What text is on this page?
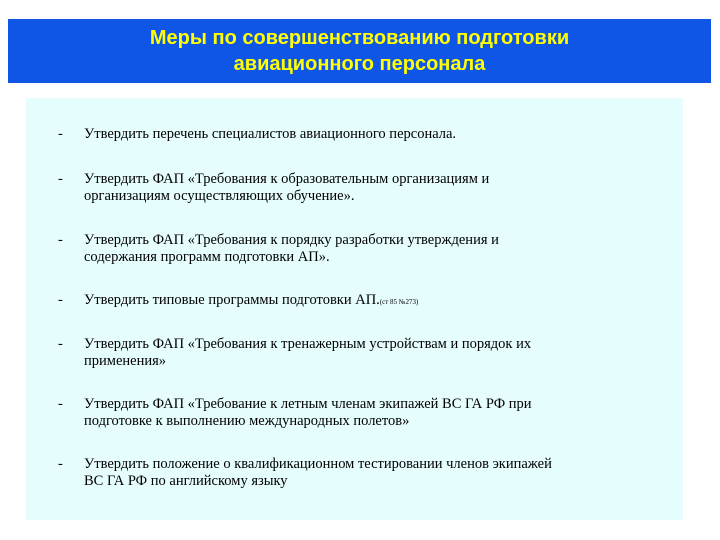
Меры по совершенствованию подготовки
авиационного персонала
-	Утвердить перечень специалистов авиационного персонала.
-	Утвердить ФАП «Требования к образовательным организациям и
организациям осуществляющих обучение».
-	Утвердить ФАП «Требования к порядку разработки утверждения и
содержания программ подготовки АП».
-	Утвердить типовые программы подготовки АП.(ст 85 №273)
-	Утвердить ФАП «Требования к тренажерным устройствам и порядок их
применения»
-	Утвердить ФАП «Требование к летным членам экипажей ВС ГА РФ при
подготовке к выполнению международных полетов»
-	Утвердить положение о квалификационном тестировании членов экипажей
ВС ГА РФ по английскому языку
